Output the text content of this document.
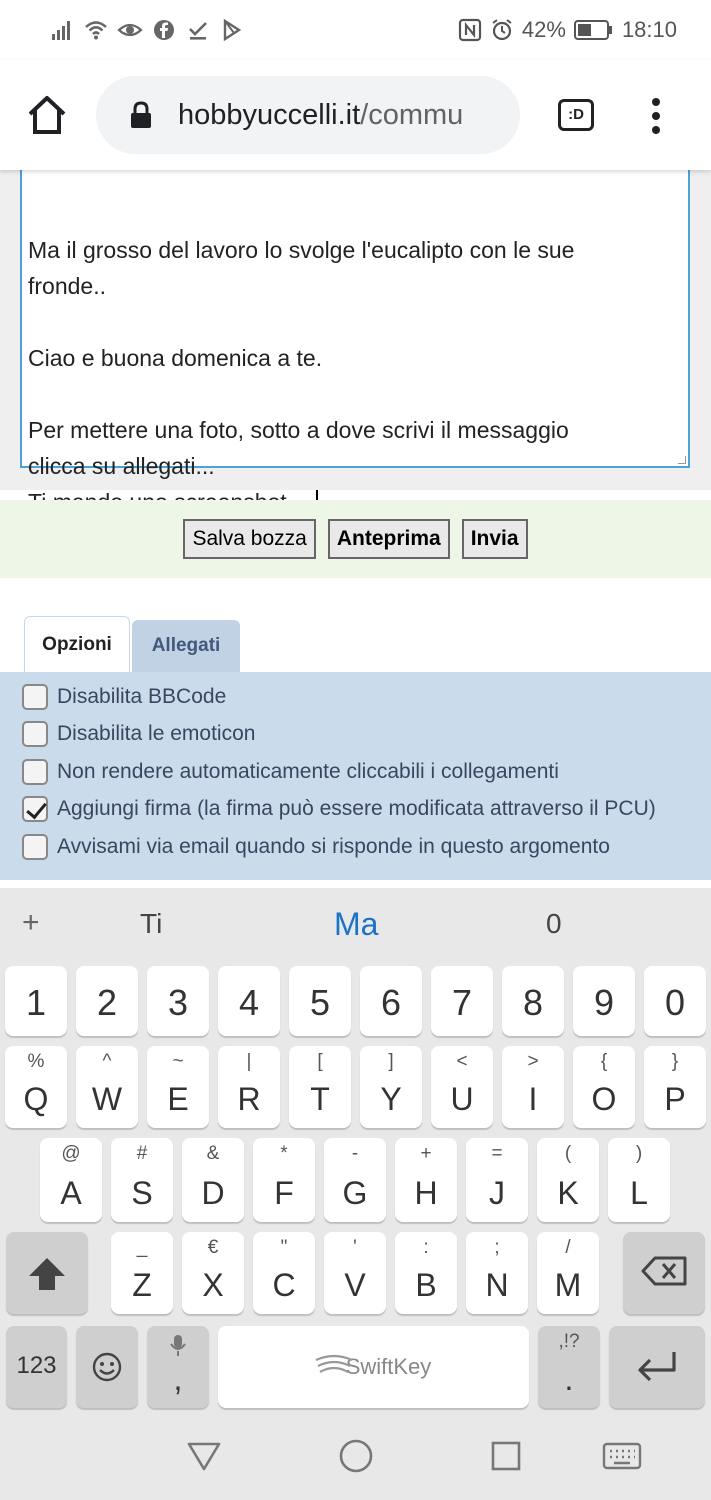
42%	18:10
hobbyuccelli.it/commu	:D

Ma il grosso del lavoro lo svolge l'eucalipto con le sue
fronde..
Ciao e buona domenica a te.
Per mettere una foto, sotto a dove scrivi il messaggio
clicca su allegati...

Salva bozza	Anteprima	Invia
Opzioni	Allegati
Disabilita BBCode
Disabilita le emoticon
Non rendere automaticamente cliccabili i collegamenti
Aggiungi firma (la firma può essere modificata attraverso il PCU)
Avvisami via email quando si risponde in questo argomento
+	Ti	Ma	0
1	2	3	4	5	6	7	8	9	0
%
Q
^
W
~
E
|
R
[
T
]
Y
<
U
>
I
{
O
}
P
@
A
#
S
&
D
*
F
-
G
+
H
=
J
(
K
)
L
_
Z
€
X
"
C
'
V
:
B
;
N
/
M
123	,	SwiftKey
,!?
.
